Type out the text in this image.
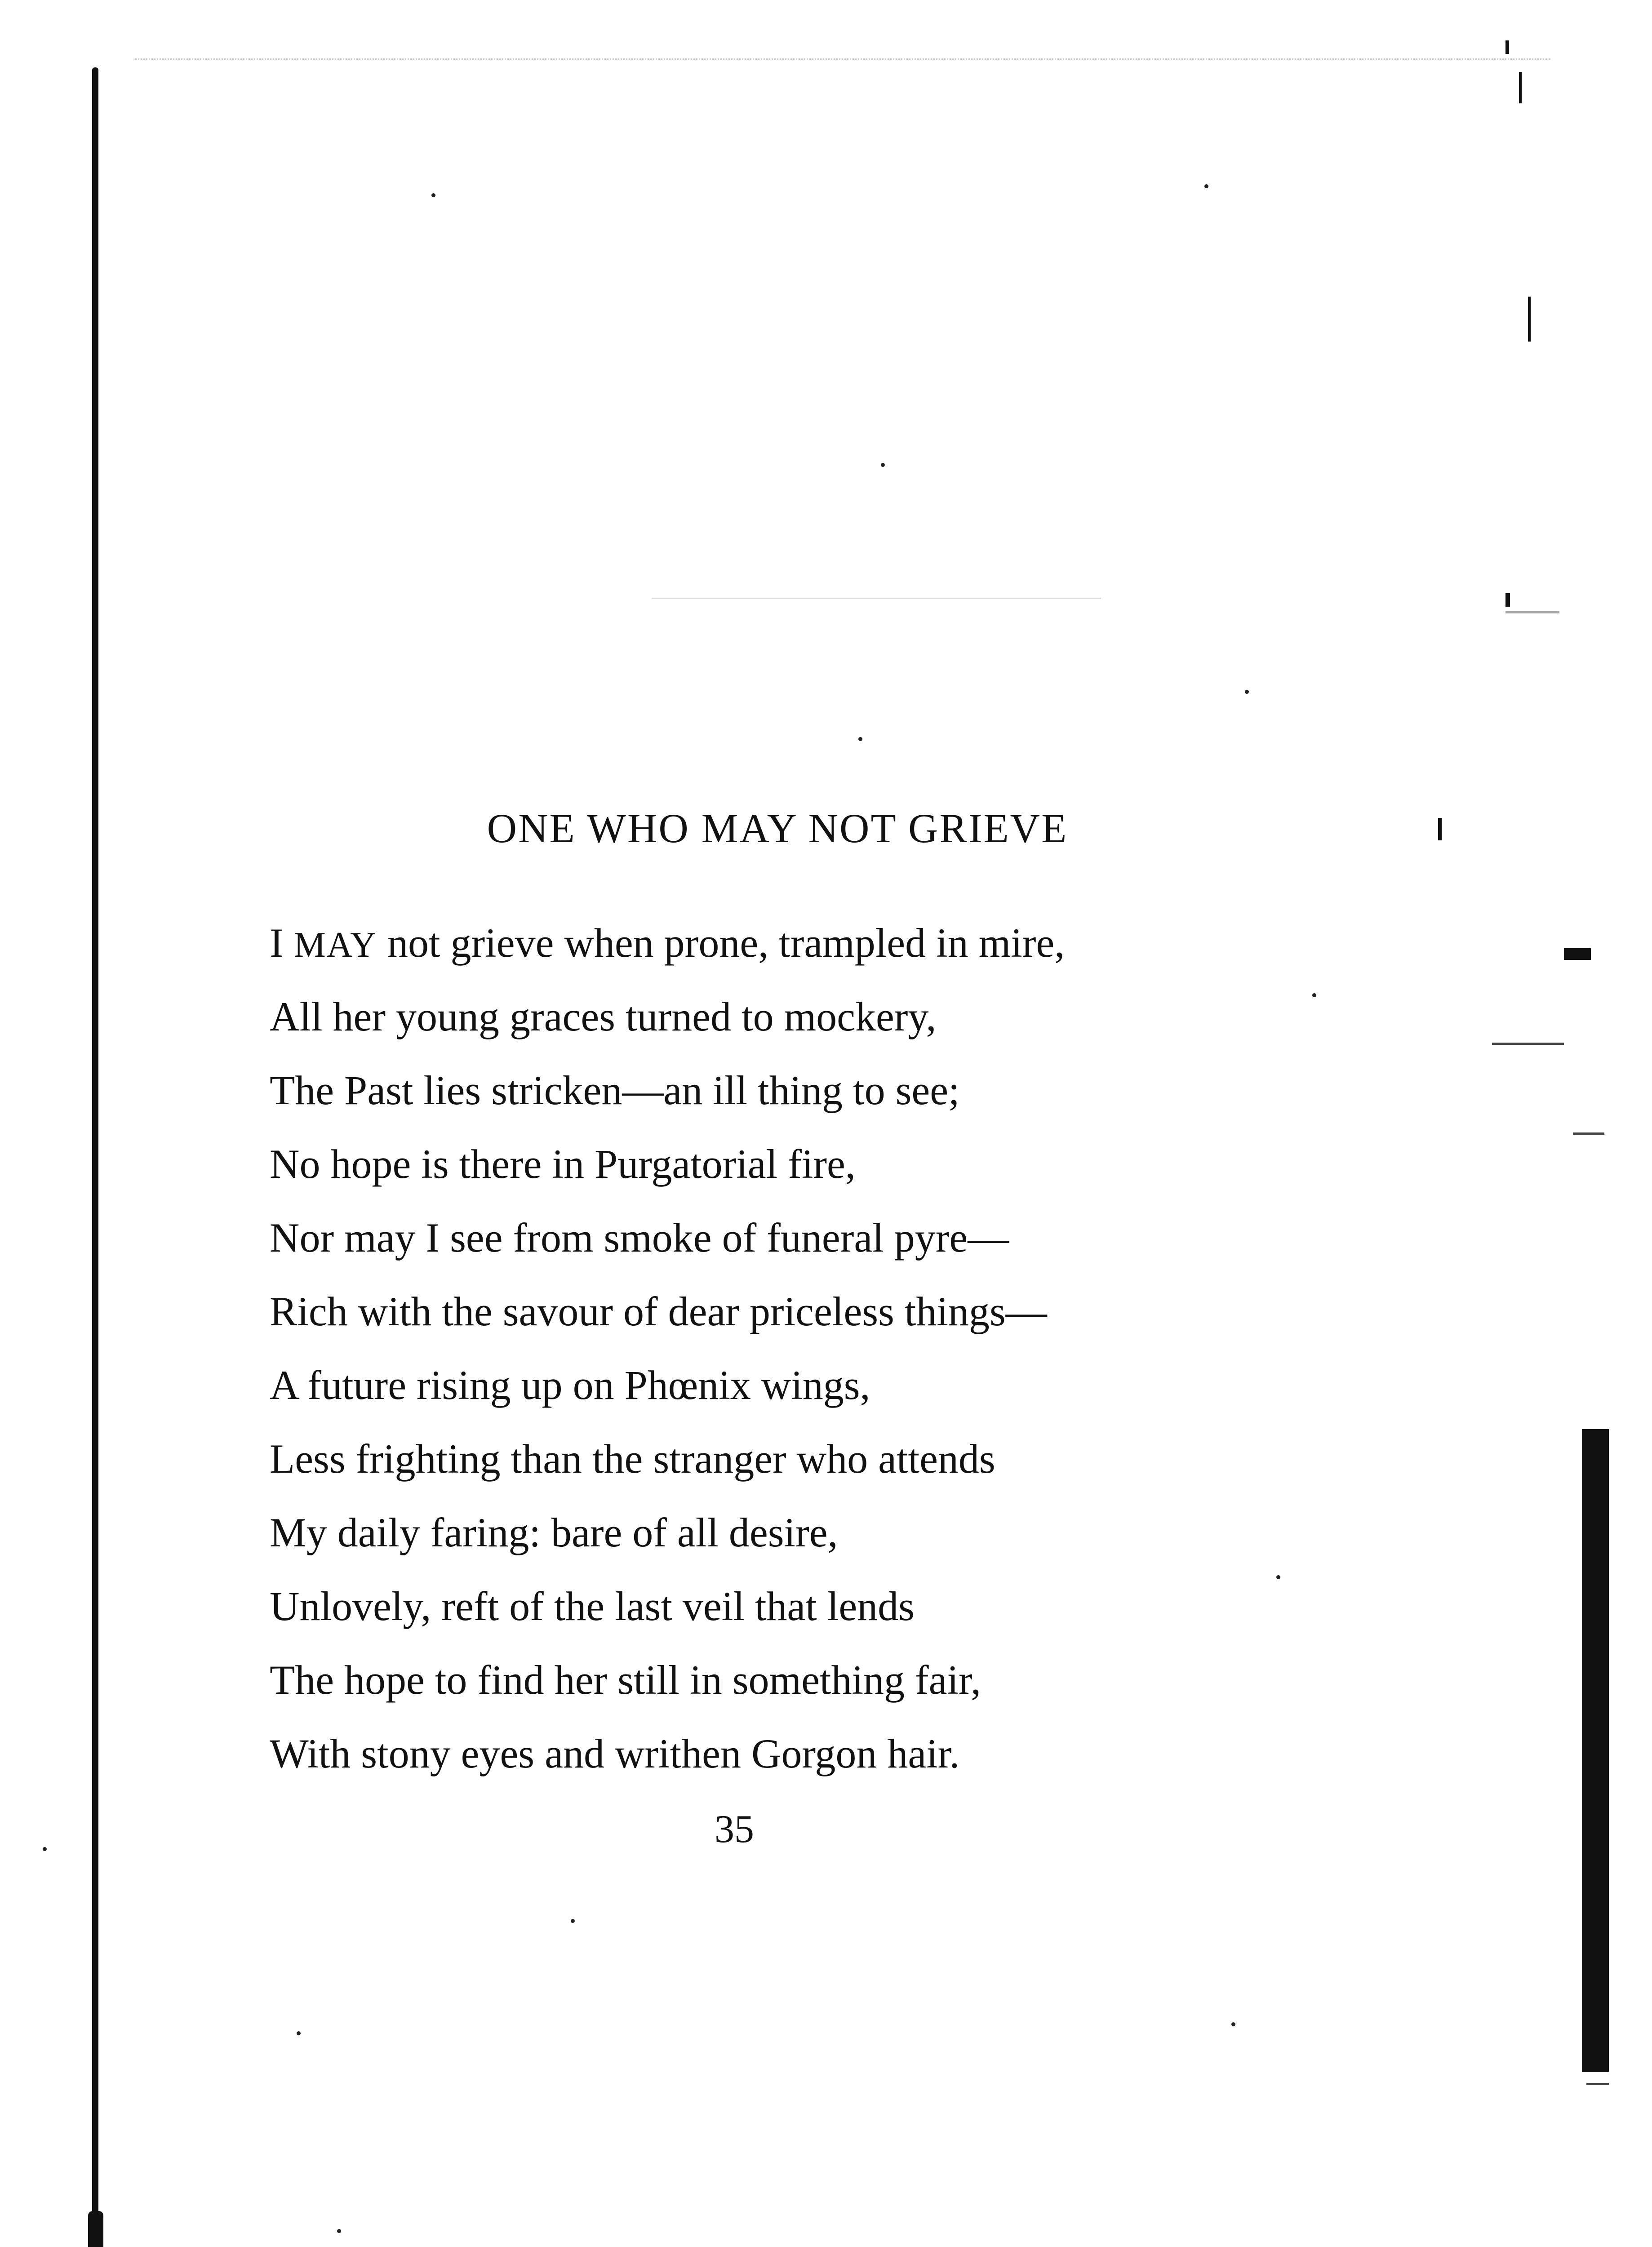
ONE WHO MAY NOT GRIEVE
I MAY not grieve when prone, trampled in mire,
All her young graces turned to mockery,
The Past lies stricken—an ill thing to see;
No hope is there in Purgatorial fire,
Nor may I see from smoke of funeral pyre—
Rich with the savour of dear priceless things—
A future rising up on Phœnix wings,
Less frighting than the stranger who attends
My daily faring: bare of all desire,
Unlovely, reft of the last veil that lends
The hope to find her still in something fair,
With stony eyes and writhen Gorgon hair.
35
